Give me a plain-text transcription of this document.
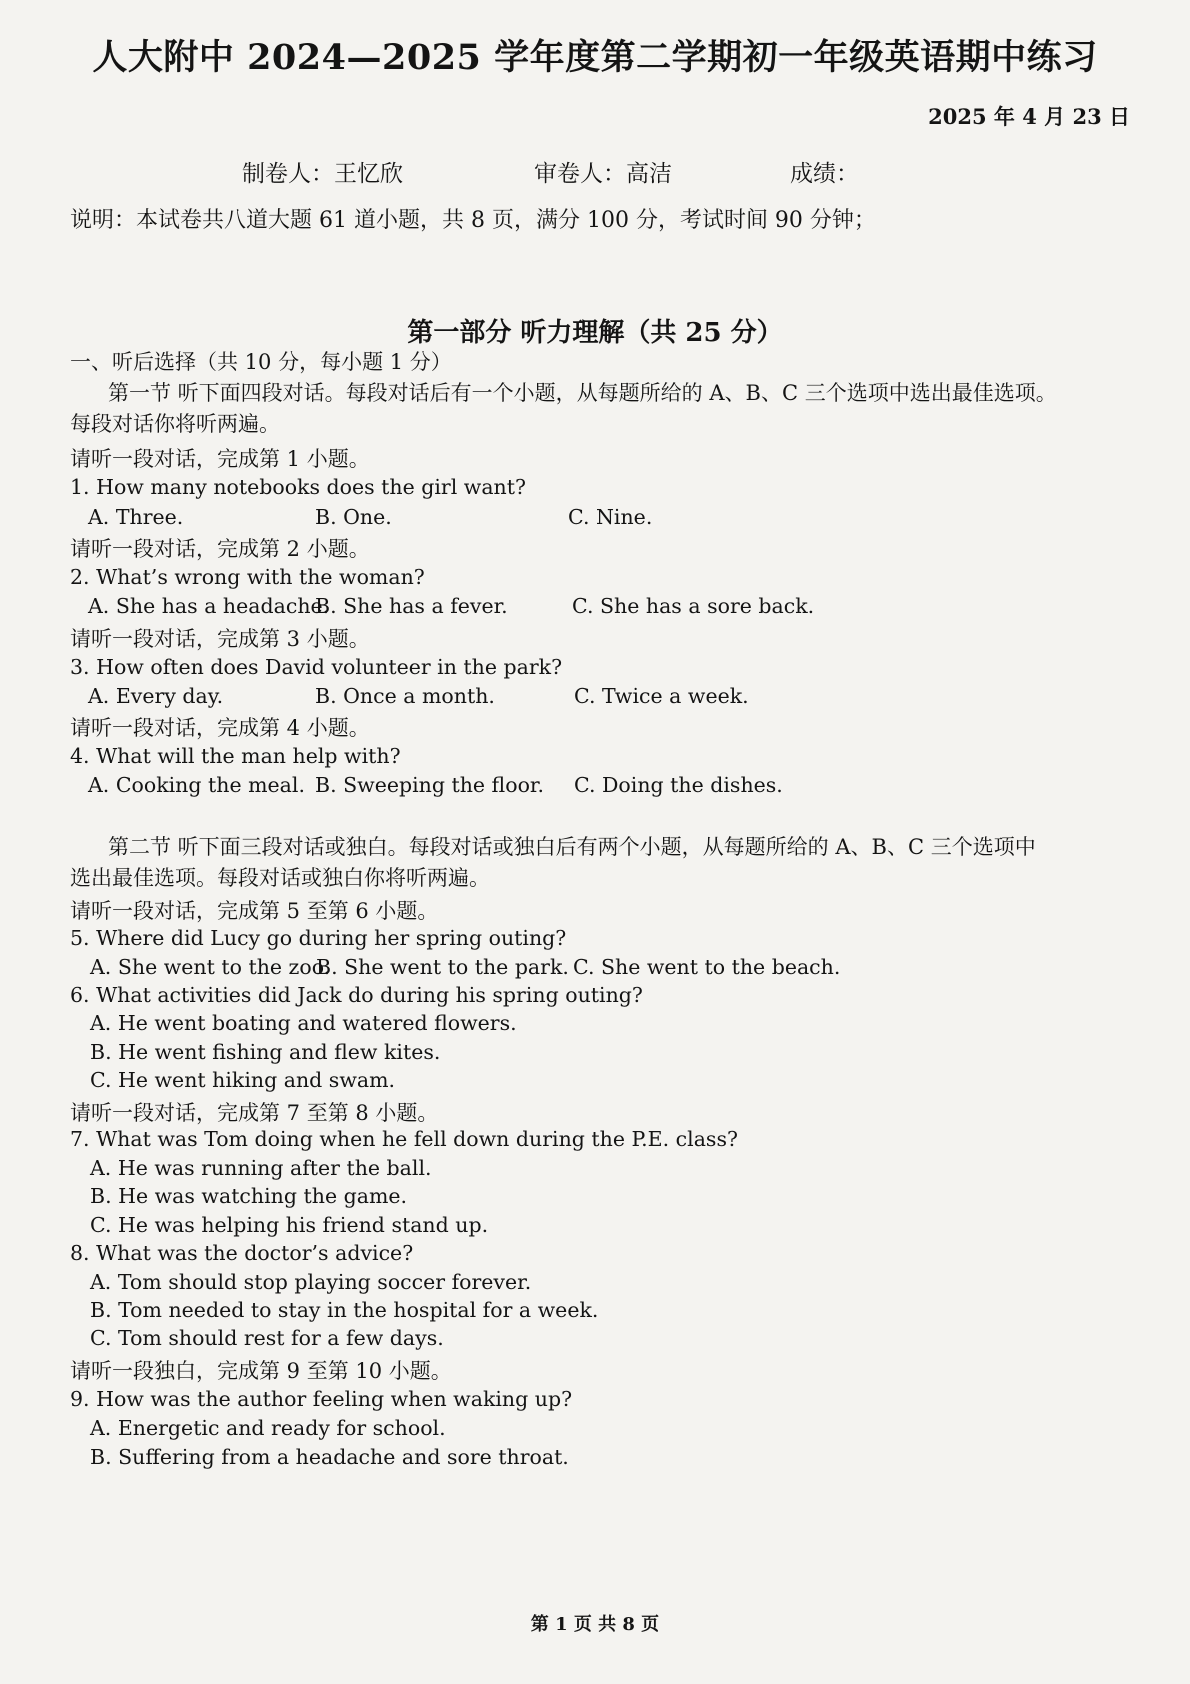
人大附中 2024—2025 学年度第二学期初一年级英语期中练习
2025 年 4 月 23 日
制卷人：王忆欣	审卷人：高洁	成绩：
说明：本试卷共八道大题 61 道小题，共 8 页，满分 100 分，考试时间 90 分钟；
第一部分 听力理解（共 25 分）
一、听后选择（共 10 分，每小题 1 分）
第一节 听下面四段对话。每段对话后有一个小题，从每题所给的 A、B、C 三个选项中选出最佳选项。
每段对话你将听两遍。
请听一段对话，完成第 1 小题。
1. How many notebooks does the girl want?
A. Three.	B. One.	C. Nine.
请听一段对话，完成第 2 小题。
2. What’s wrong with the woman?
A. She has a headache.
B. She has a fever.	C. She has a sore back.
请听一段对话，完成第 3 小题。
3. How often does David volunteer in the park?
A. Every day.	B. Once a month.	C. Twice a week.
请听一段对话，完成第 4 小题。
4. What will the man help with?
A. Cooking the meal. B. Sweeping the floor. C. Doing the dishes.
第二节 听下面三段对话或独白。每段对话或独白后有两个小题，从每题所给的 A、B、C 三个选项中
选出最佳选项。每段对话或独白你将听两遍。
请听一段对话，完成第 5 至第 6 小题。
5. Where did Lucy go during her spring outing?
A. She went to the zoo.
B. She went to the park. C. She went to the beach.
6. What activities did Jack do during his spring outing?
A. He went boating and watered flowers.
B. He went fishing and flew kites.
C. He went hiking and swam.
请听一段对话，完成第 7 至第 8 小题。
7. What was Tom doing when he fell down during the P.E. class?
A. He was running after the ball.
B. He was watching the game.
C. He was helping his friend stand up.
8. What was the doctor’s advice?
A. Tom should stop playing soccer forever.
B. Tom needed to stay in the hospital for a week.
C. Tom should rest for a few days.
请听一段独白，完成第 9 至第 10 小题。
9. How was the author feeling when waking up?
A. Energetic and ready for school.
B. Suffering from a headache and sore throat.
第 1 页 共 8 页
